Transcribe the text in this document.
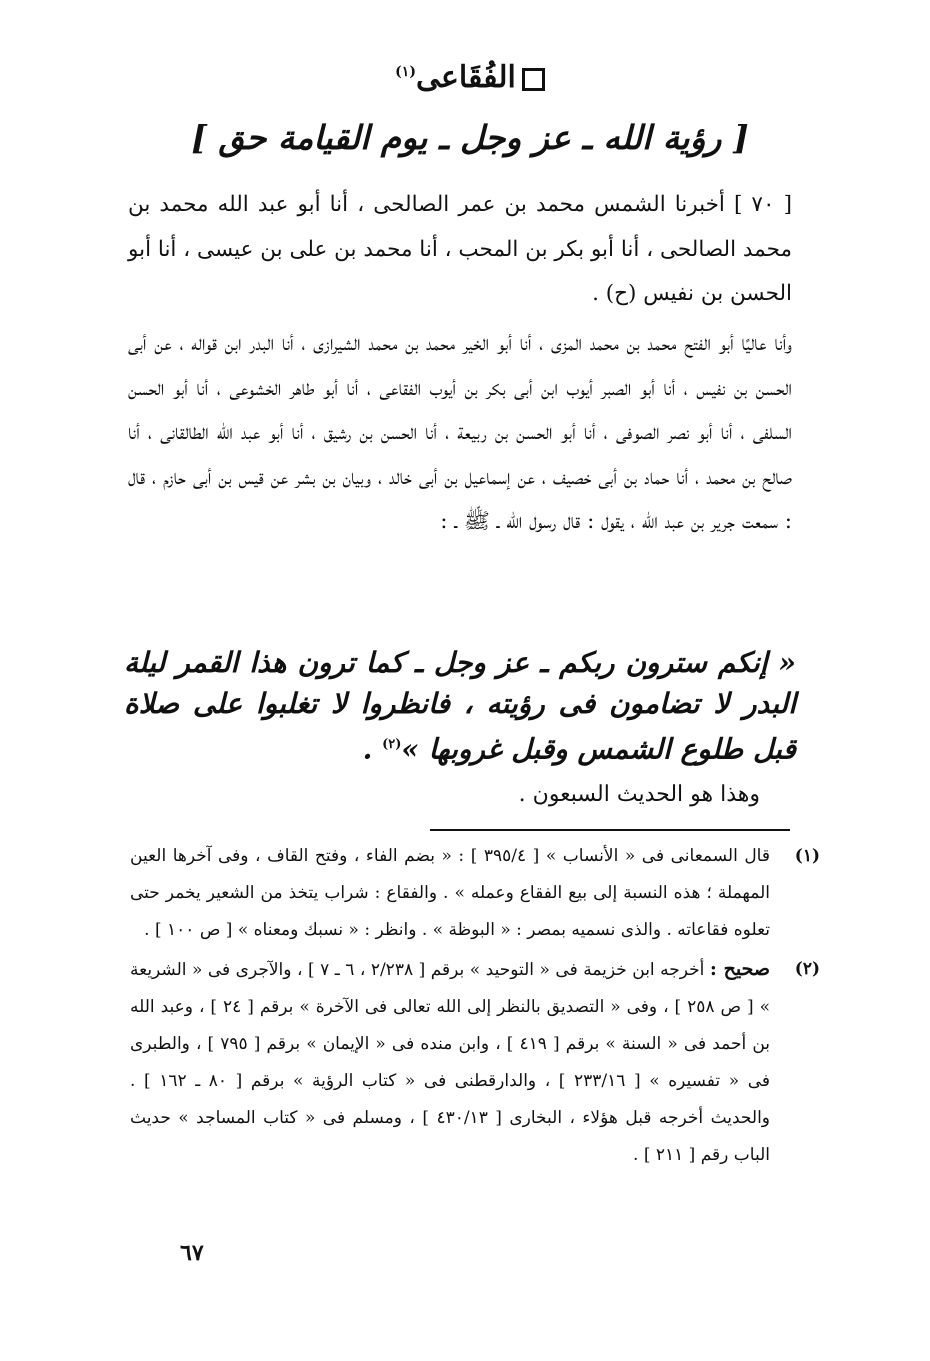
الفُقَاعى$^{(١)}$
[ رؤية الله ـ عز وجل ـ يوم القيامة حق ]

[ ٧٠ ] أخبرنا الشمس محمد بن عمر الصالحى ، أنا أبو عبد الله محمد بن محمد الصالحى ، أنا أبو بكر بن المحب ، أنا محمد بن على بن عيسى ، أنا أبو الحسن بن نفيس (ح) .

وأنا عاليًا أبو الفتح محمد بن محمد المزى ، أنا أبو الخير محمد بن محمد الشيرازى ، أنا البدر ابن قواله ، عن أبى الحسن بن نفيس ، أنا أبو الصبر أيوب ابن أبى بكر بن أيوب الفقاعى ، أنا أبو طاهر الخشوعى ، أنا أبو الحسن السلفى ، أنا أبو نصر الصوفى ، أنا أبو الحسن بن ربيعة ، أنا الحسن بن رشيق ، أنا أبو عبد الله الطالقانى ، أنا صالح بن محمد ، أنا حماد بن أبى خصيف ، عن إسماعيل بن أبى خالد ، وبيان بن بشر عن قيس بن أبى حازم ، قال : سمعت جرير بن عبد الله ، يقول : قال رسول الله ـ ﷺ ـ :

« إنكم سترون ربكم ـ عز وجل ـ كما ترون هذا القمر ليلة البدر لا تضامون فى رؤيته ، فانظروا لا تغلبوا على صلاة قبل طلوع الشمس وقبل غروبها »$^{(٢)}$ .

وهذا هو الحديث السبعون .
(١)
قال السمعانى فى « الأنساب » [ ٣٩٥/٤ ] : « بضم الفاء ، وفتح القاف ، وفى آخرها العين المهملة ؛ هذه النسبة إلى بيع الفقاع وعمله » . والفقاع : شراب يتخذ من الشعير يخمر حتى تعلوه فقاعاته . والذى نسميه بمصر : « البوظة » . وانظر : « نسبك ومعناه » [ ص ١٠٠ ] .
(٢)
صحيح : أخرجه ابن خزيمة فى « التوحيد » برقم [ ٢/٢٣٨ ، ٦ ـ ٧ ] ، والآجرى فى « الشريعة » [ ص ٢٥٨ ] ، وفى « التصديق بالنظر إلى الله تعالى فى الآخرة » برقم [ ٢٤ ] ، وعبد الله بن أحمد فى « السنة » برقم [ ٤١٩ ] ، وابن منده فى « الإيمان » برقم [ ٧٩٥ ] ، والطبرى فى « تفسيره » [ ٢٣٣/١٦ ] ، والدارقطنى فى « كتاب الرؤية » برقم [ ٨٠ ـ ١٦٢ ] . والحديث أخرجه قبل هؤلاء ، البخارى [ ٤٣٠/١٣ ] ، ومسلم فى « كتاب المساجد » حديث الباب رقم [ ٢١١ ] .
٦٧
